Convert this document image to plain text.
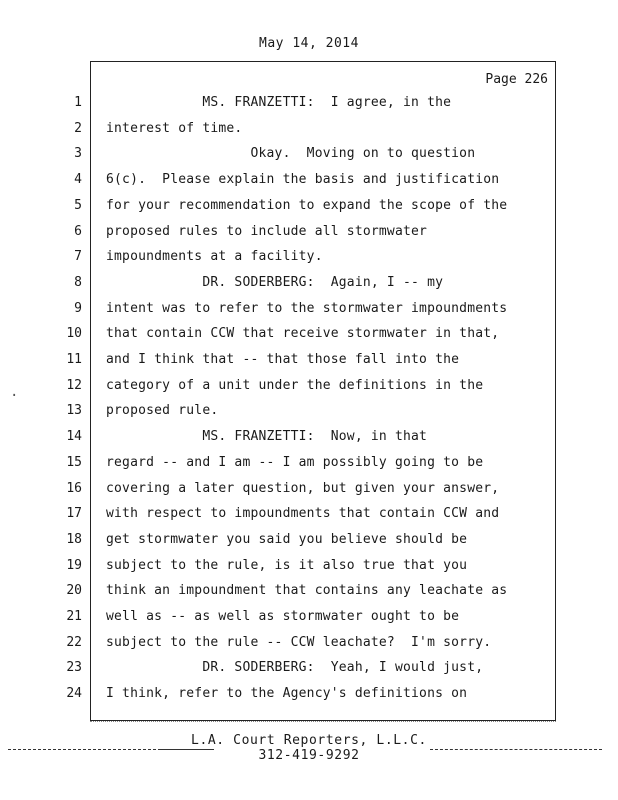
May 14, 2014
Page 226
·
1 MS. FRANZETTI:  I agree, in the
2 interest of time.
3 Okay.  Moving on to question
4 6(c).  Please explain the basis and justification
5 for your recommendation to expand the scope of the
6 proposed rules to include all stormwater
7 impoundments at a facility.
8 DR. SODERBERG:  Again, I -- my
9 intent was to refer to the stormwater impoundments
10 that contain CCW that receive stormwater in that,
11 and I think that -- that those fall into the
12 category of a unit under the definitions in the
13 proposed rule.
14 MS. FRANZETTI:  Now, in that
15 regard -- and I am -- I am possibly going to be
16 covering a later question, but given your answer,
17 with respect to impoundments that contain CCW and
18 get stormwater you said you believe should be
19 subject to the rule, is it also true that you
20 think an impoundment that contains any leachate as
21 well as -- as well as stormwater ought to be
22 subject to the rule -- CCW leachate?  I'm sorry.
23 DR. SODERBERG:  Yeah, I would just,
24 I think, refer to the Agency's definitions on
L.A. Court Reporters, L.L.C.
312-419-9292
